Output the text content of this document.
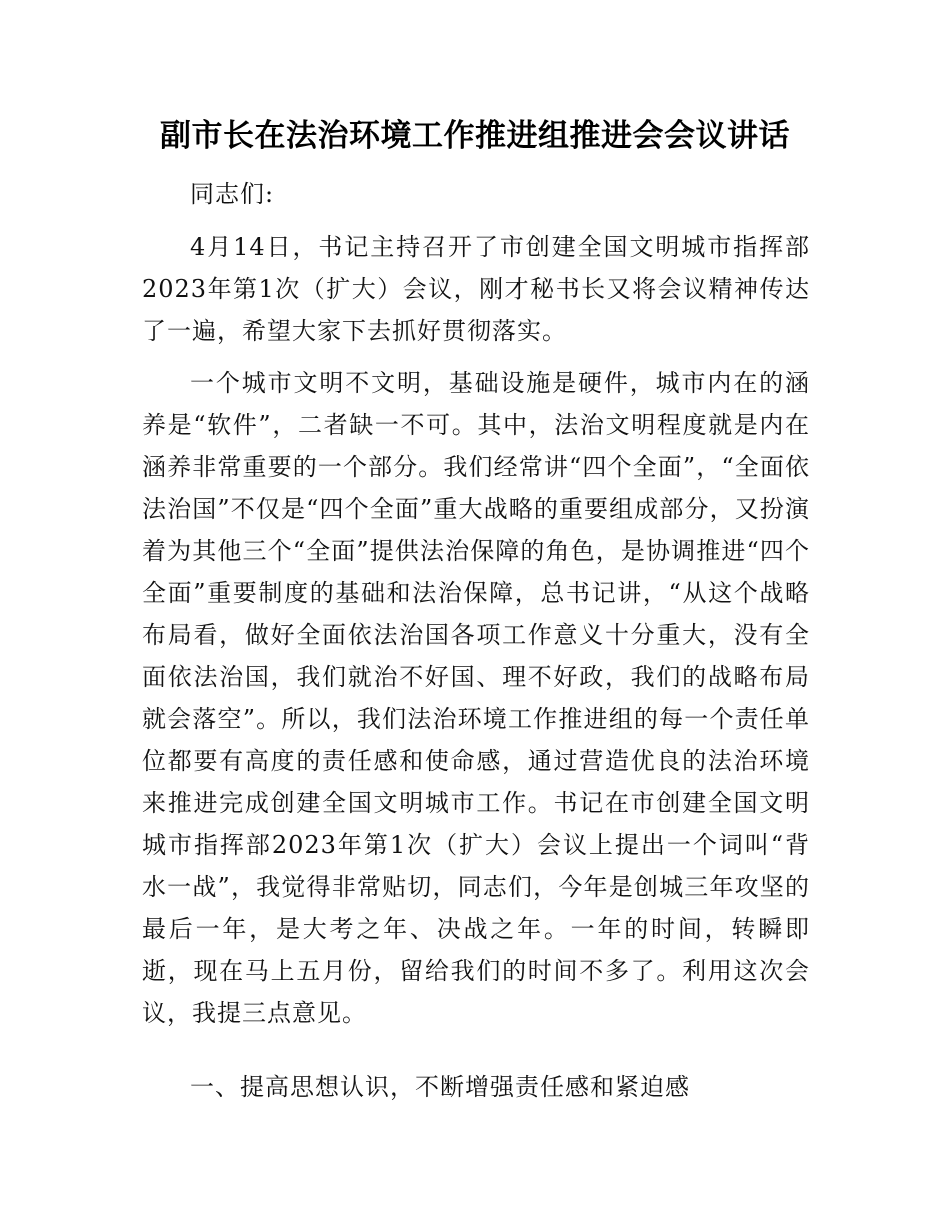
副市长在法治环境工作推进组推进会会议讲话

同志们:

4月14日，书记主持召开了市创建全国文明城市指挥部2023年第1次（扩大）会议，刚才秘书长又将会议精神传达了一遍，希望大家下去抓好贯彻落实。

一个城市文明不文明，基础设施是硬件，城市内在的涵养是“软件”，二者缺一不可。其中，法治文明程度就是内在涵养非常重要的一个部分。我们经常讲“四个全面”，“全面依法治国”不仅是“四个全面”重大战略的重要组成部分，又扮演着为其他三个“全面”提供法治保障的角色，是协调推进“四个全面”重要制度的基础和法治保障，总书记讲，“从这个战略布局看，做好全面依法治国各项工作意义十分重大，没有全面依法治国，我们就治不好国、理不好政，我们的战略布局就会落空”。所以，我们法治环境工作推进组的每一个责任单位都要有高度的责任感和使命感，通过营造优良的法治环境来推进完成创建全国文明城市工作。书记在市创建全国文明城市指挥部2023年第1次（扩大）会议上提出一个词叫“背水一战”，我觉得非常贴切，同志们，今年是创城三年攻坚的最后一年，是大考之年、决战之年。一年的时间，转瞬即逝，现在马上五月份，留给我们的时间不多了。利用这次会议，我提三点意见。

一、提高思想认识，不断增强责任感和紧迫感
